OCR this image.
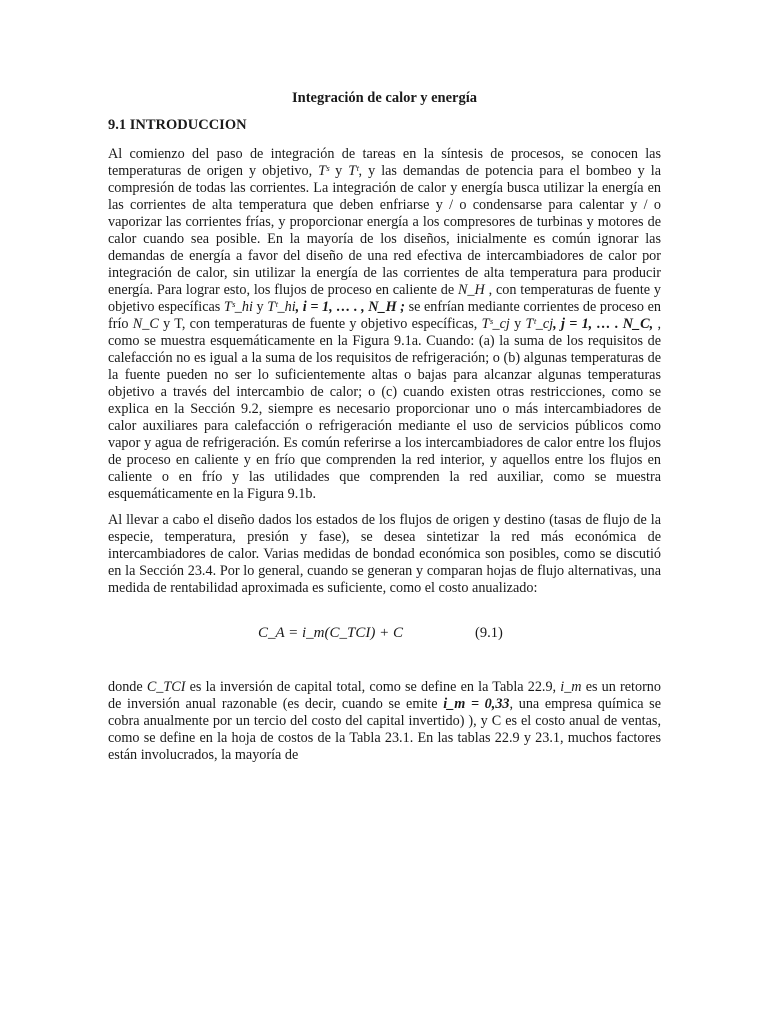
Integración de calor y energía
9.1 INTRODUCCION

Al comienzo del paso de integración de tareas en la síntesis de procesos, se conocen las temperaturas de origen y objetivo, Tˢ y Tᵗ, y las demandas de potencia para el bombeo y la compresión de todas las corrientes. La integración de calor y energía busca utilizar la energía en las corrientes de alta temperatura que deben enfriarse y / o condensarse para calentar y / o vaporizar las corrientes frías, y proporcionar energía a los compresores de turbinas y motores de calor cuando sea posible. En la mayoría de los diseños, inicialmente es común ignorar las demandas de energía a favor del diseño de una red efectiva de intercambiadores de calor por integración de calor, sin utilizar la energía de las corrientes de alta temperatura para producir energía. Para lograr esto, los flujos de proceso en caliente de N_H , con temperaturas de fuente y objetivo específicas Tˢ_hi y Tᵗ_hi, i = 1, … . , N_H ; se enfrían mediante corrientes de proceso en frío N_C y T, con temperaturas de fuente y objetivo específicas, Tˢ_cj y Tᵗ_cj, j = 1, … . N_C, , como se muestra esquemáticamente en la Figura 9.1a. Cuando: (a) la suma de los requisitos de calefacción no es igual a la suma de los requisitos de refrigeración; o (b) algunas temperaturas de la fuente pueden no ser lo suficientemente altas o bajas para alcanzar algunas temperaturas objetivo a través del intercambio de calor; o (c) cuando existen otras restricciones, como se explica en la Sección 9.2, siempre es necesario proporcionar uno o más intercambiadores de calor auxiliares para calefacción o refrigeración mediante el uso de servicios públicos como vapor y agua de refrigeración. Es común referirse a los intercambiadores de calor entre los flujos de proceso en caliente y en frío que comprenden la red interior, y aquellos entre los flujos en caliente o en frío y las utilidades que comprenden la red auxiliar, como se muestra esquemáticamente en la Figura 9.1b.

Al llevar a cabo el diseño dados los estados de los flujos de origen y destino (tasas de flujo de la especie, temperatura, presión y fase), se desea sintetizar la red más económica de intercambiadores de calor. Varias medidas de bondad económica son posibles, como se discutió en la Sección 23.4. Por lo general, cuando se generan y comparan hojas de flujo alternativas, una medida de rentabilidad aproximada es suficiente, como el costo anualizado:

C_A = i_m(C_TCI) + C	(9.1)

donde C_TCI es la inversión de capital total, como se define en la Tabla 22.9, i_m es un retorno de inversión anual razonable (es decir, cuando se emite i_m = 0,33, una empresa química se cobra anualmente por un tercio del costo del capital invertido) ), y C es el costo anual de ventas, como se define en la hoja de costos de la Tabla 23.1. En las tablas 22.9 y 23.1, muchos factores están involucrados, la mayoría de
